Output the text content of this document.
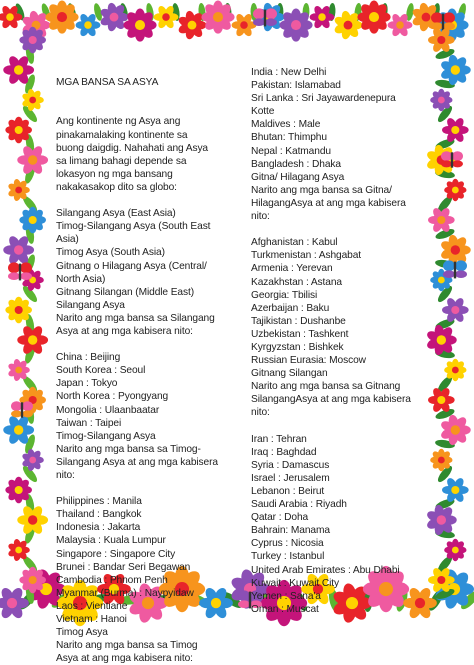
MGA BANSA SA ASYA

Ang kontinente ng Asya ang
pinakamalaking kontinente sa
buong daigdig. Nahahati ang Asya
sa limang bahagi depende sa
lokasyon ng mga bansang
nakakasakop dito sa globo:
Silangang Asya (East Asia)
Timog-Silangang Asya (South East
Asia)
Timog Asya (South Asia)
Gitnang o Hilagang Asya (Central/
North Asia)
Gitnang Silangan (Middle East)
Silangang Asya
Narito ang mga bansa sa Silangang
Asya at ang mga kabisera nito:
China : Beijing
South Korea : Seoul
Japan : Tokyo
North Korea : Pyongyang
Mongolia : Ulaanbaatar
Taiwan : Taipei
Timog-Silangang Asya
Narito ang mga bansa sa Timog-
Silangang Asya at ang mga kabisera
nito:
Philippines : Manila
Thailand : Bangkok
Indonesia : Jakarta
Malaysia : Kuala Lumpur
Singapore : Singapore City
Brunei : Bandar Seri Begawan
Cambodia : Phnom Penh
Myanmar (Burma) : Naypyidaw
Laos : Vientiane
Vietnam : Hanoi
Timog Asya
Narito ang mga bansa sa Timog
Asya at ang mga kabisera nito:
India : New Delhi
Pakistan: Islamabad
Sri Lanka : Sri Jayawardenepura
Kotte
Maldives : Male
Bhutan: Thimphu
Nepal : Katmandu
Bangladesh : Dhaka
Gitna/ Hilagang Asya
Narito ang mga bansa sa Gitna/
HilagangAsya at ang mga kabisera
nito:
Afghanistan : Kabul
Turkmenistan : Ashgabat
Armenia : Yerevan
Kazakhstan : Astana
Georgia: Tbilisi
Azerbaijan : Baku
Tajikistan : Dushanbe
Uzbekistan : Tashkent
Kyrgyzstan : Bishkek
Russian Eurasia: Moscow
Gitnang Silangan
Narito ang mga bansa sa Gitnang
SilangangAsya at ang mga kabisera
nito:
Iran : Tehran
Iraq : Baghdad
Syria : Damascus
Israel : Jerusalem
Lebanon : Beirut
Saudi Arabia : Riyadh
Qatar : Doha
Bahrain: Manama
Cyprus : Nicosia
Turkey : Istanbul
United Arab Emirates : Abu Dhabi
Kuwait : Kuwait City
Yemen : Sana'a
Oman : Muscat
